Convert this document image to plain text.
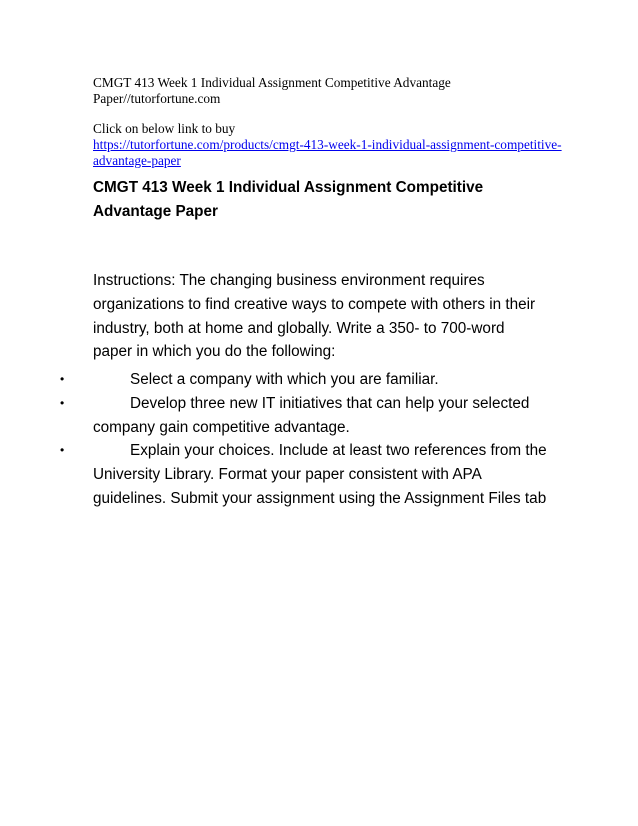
CMGT 413 Week 1 Individual Assignment Competitive Advantage Paper//tutorfortune.com
Click on below link to buy
https://tutorfortune.com/products/cmgt-413-week-1-individual-assignment-competitive-advantage-paper
CMGT 413 Week 1 Individual Assignment Competitive Advantage Paper
Instructions: The changing business environment requires organizations to find creative ways to compete with others in their industry, both at home and globally. Write a 350- to 700-word paper in which you do the following:
•	Select a company with which you are familiar.
•	Develop three new IT initiatives that can help your selected company gain competitive advantage.
•	Explain your choices. Include at least two references from the University Library. Format your paper consistent with APA guidelines. Submit your assignment using the Assignment Files tab
